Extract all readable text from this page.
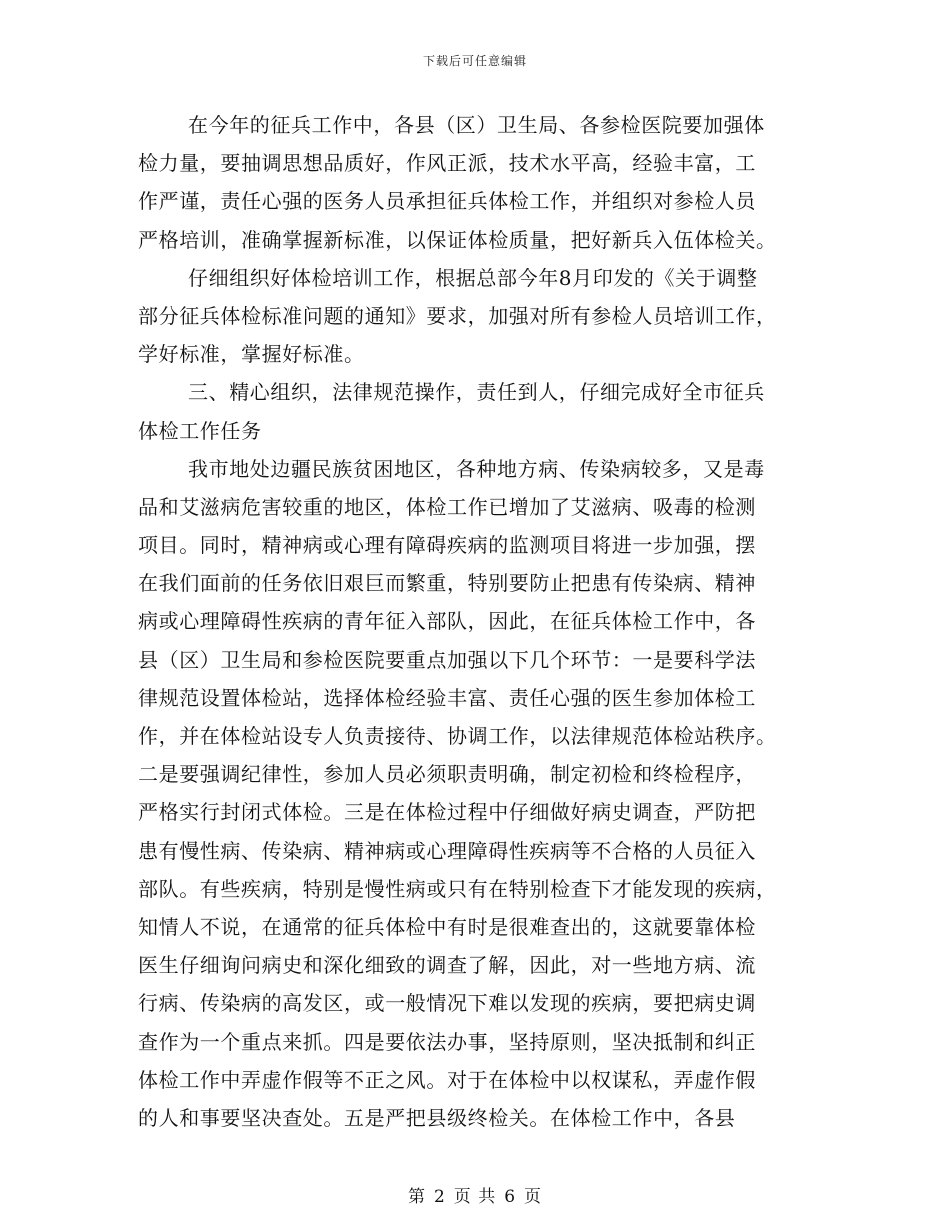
下载后可任意编辑
在今年的征兵工作中，各县（区）卫生局、各参检医院要加强体
检力量，要抽调思想品质好，作风正派，技术水平高，经验丰富，工
作严谨，责任心强的医务人员承担征兵体检工作，并组织对参检人员
严格培训，准确掌握新标准，以保证体检质量，把好新兵入伍体检关。
仔细组织好体检培训工作，根据总部今年8月印发的《关于调整
部分征兵体检标准问题的通知》要求，加强对所有参检人员培训工作，
学好标准，掌握好标准。
三、精心组织，法律规范操作，责任到人，仔细完成好全市征兵
体检工作任务
我市地处边疆民族贫困地区，各种地方病、传染病较多，又是毒
品和艾滋病危害较重的地区，体检工作已增加了艾滋病、吸毒的检测
项目。同时，精神病或心理有障碍疾病的监测项目将进一步加强，摆
在我们面前的任务依旧艰巨而繁重，特别要防止把患有传染病、精神
病或心理障碍性疾病的青年征入部队，因此，在征兵体检工作中，各
县（区）卫生局和参检医院要重点加强以下几个环节：一是要科学法
律规范设置体检站，选择体检经验丰富、责任心强的医生参加体检工
作，并在体检站设专人负责接待、协调工作，以法律规范体检站秩序。
二是要强调纪律性，参加人员必须职责明确，制定初检和终检程序，
严格实行封闭式体检。三是在体检过程中仔细做好病史调查，严防把
患有慢性病、传染病、精神病或心理障碍性疾病等不合格的人员征入
部队。有些疾病，特别是慢性病或只有在特别检查下才能发现的疾病，
知情人不说，在通常的征兵体检中有时是很难查出的，这就要靠体检
医生仔细询问病史和深化细致的调查了解，因此，对一些地方病、流
行病、传染病的高发区，或一般情况下难以发现的疾病，要把病史调
查作为一个重点来抓。四是要依法办事，坚持原则，坚决抵制和纠正
体检工作中弄虚作假等不正之风。对于在体检中以权谋私，弄虚作假
的人和事要坚决查处。五是严把县级终检关。在体检工作中，各县
第 2 页 共 6 页
